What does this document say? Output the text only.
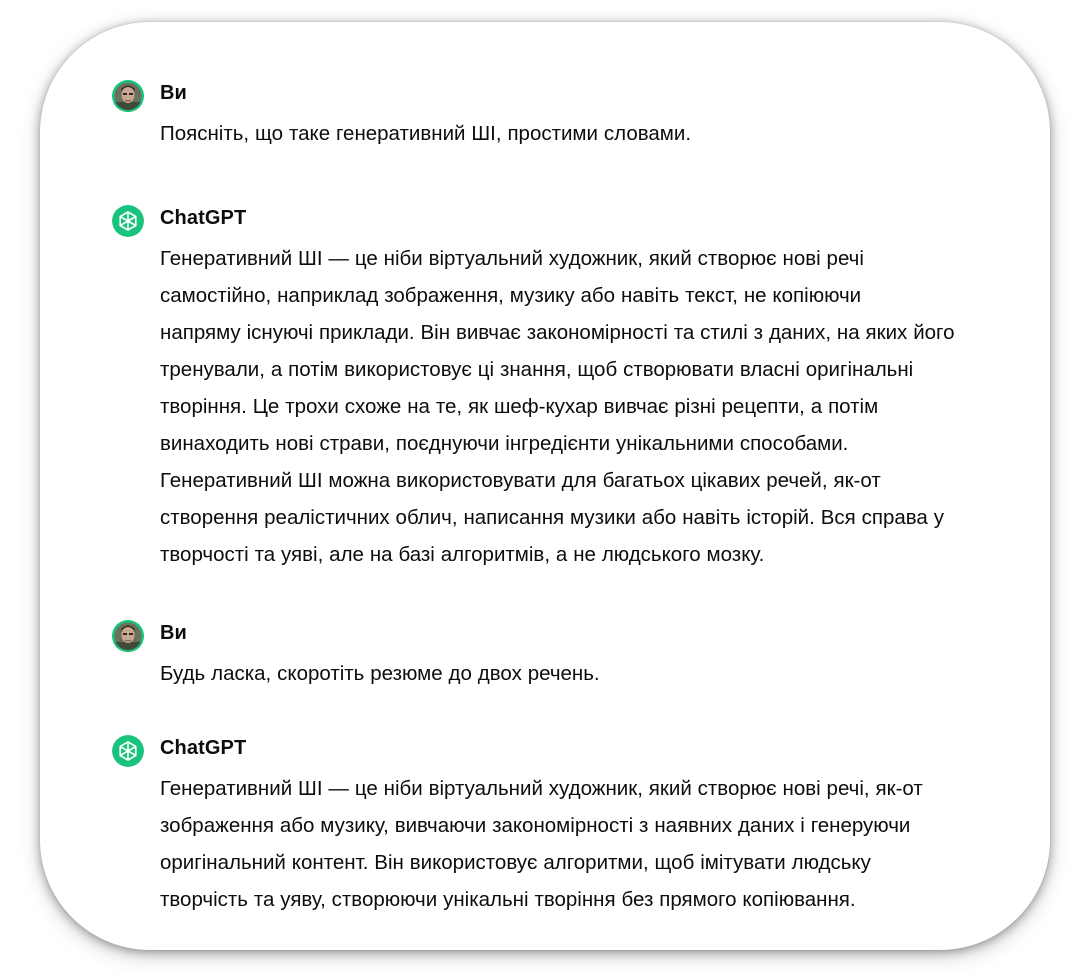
Ви
Поясніть, що таке генеративний ШІ, простими словами.
ChatGPT
Генеративний ШІ — це ніби віртуальний художник, який створює нові речі
самостійно, наприклад зображення, музику або навіть текст, не копіюючи
напряму існуючі приклади. Він вивчає закономірності та стилі з даних, на яких його
тренували, а потім використовує ці знання, щоб створювати власні оригінальні
творіння. Це трохи схоже на те, як шеф-кухар вивчає різні рецепти, а потім
винаходить нові страви, поєднуючи інгредієнти унікальними способами.
Генеративний ШІ можна використовувати для багатьох цікавих речей, як-от
створення реалістичних облич, написання музики або навіть історій. Вся справа у
творчості та уяві, але на базі алгоритмів, а не людського мозку.
Ви
Будь ласка, скоротіть резюме до двох речень.
ChatGPT
Генеративний ШІ — це ніби віртуальний художник, який створює нові речі, як-от
зображення або музику, вивчаючи закономірності з наявних даних і генеруючи
оригінальний контент. Він використовує алгоритми, щоб імітувати людську
творчість та уяву, створюючи унікальні творіння без прямого копіювання.
